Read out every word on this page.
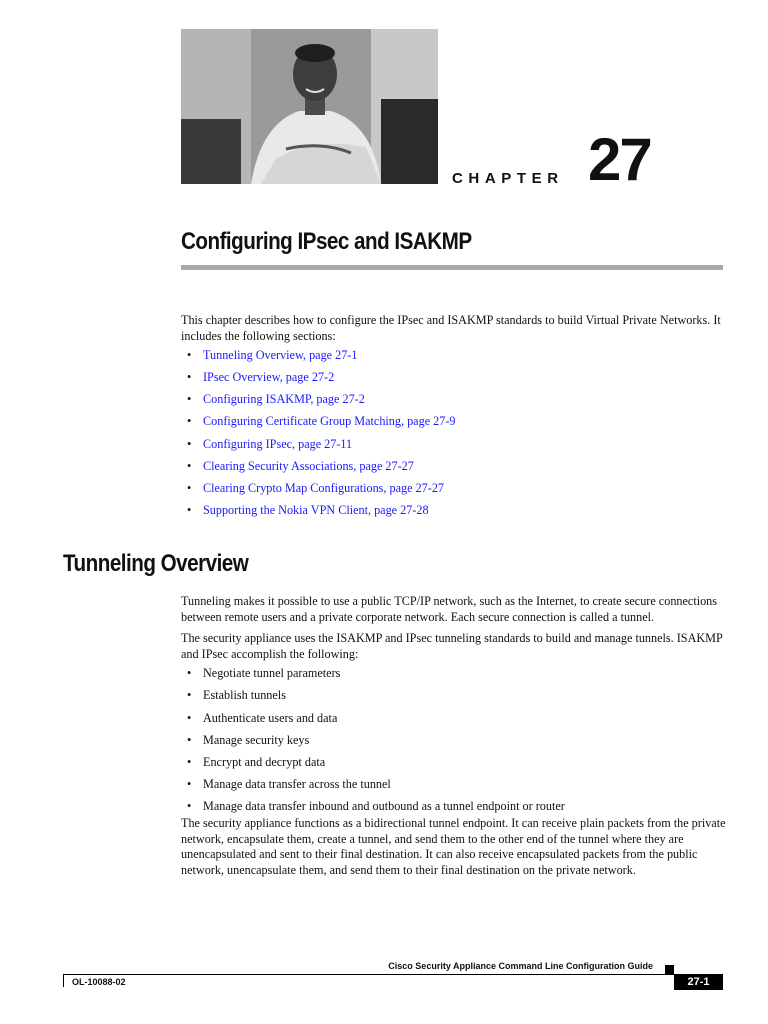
CHAPTER 27
Configuring IPsec and ISAKMP

This chapter describes how to configure the IPsec and ISAKMP standards to build Virtual Private Networks. It includes the following sections:

• Tunneling Overview, page 27-1
• IPsec Overview, page 27-2
• Configuring ISAKMP, page 27-2
• Configuring Certificate Group Matching, page 27-9
• Configuring IPsec, page 27-11
• Clearing Security Associations, page 27-27
• Clearing Crypto Map Configurations, page 27-27
• Supporting the Nokia VPN Client, page 27-28
Tunneling Overview

Tunneling makes it possible to use a public TCP/IP network, such as the Internet, to create secure connections between remote users and a private corporate network. Each secure connection is called a tunnel.

The security appliance uses the ISAKMP and IPsec tunneling standards to build and manage tunnels. ISAKMP and IPsec accomplish the following:

• Negotiate tunnel parameters
• Establish tunnels
• Authenticate users and data
• Manage security keys
• Encrypt and decrypt data
• Manage data transfer across the tunnel
• Manage data transfer inbound and outbound as a tunnel endpoint or router

The security appliance functions as a bidirectional tunnel endpoint. It can receive plain packets from the private network, encapsulate them, create a tunnel, and send them to the other end of the tunnel where they are unencapsulated and sent to their final destination. It can also receive encapsulated packets from the public network, unencapsulate them, and send them to their final destination on the private network.

Cisco Security Appliance Command Line Configuration Guide
OL-10088-02	27-1
